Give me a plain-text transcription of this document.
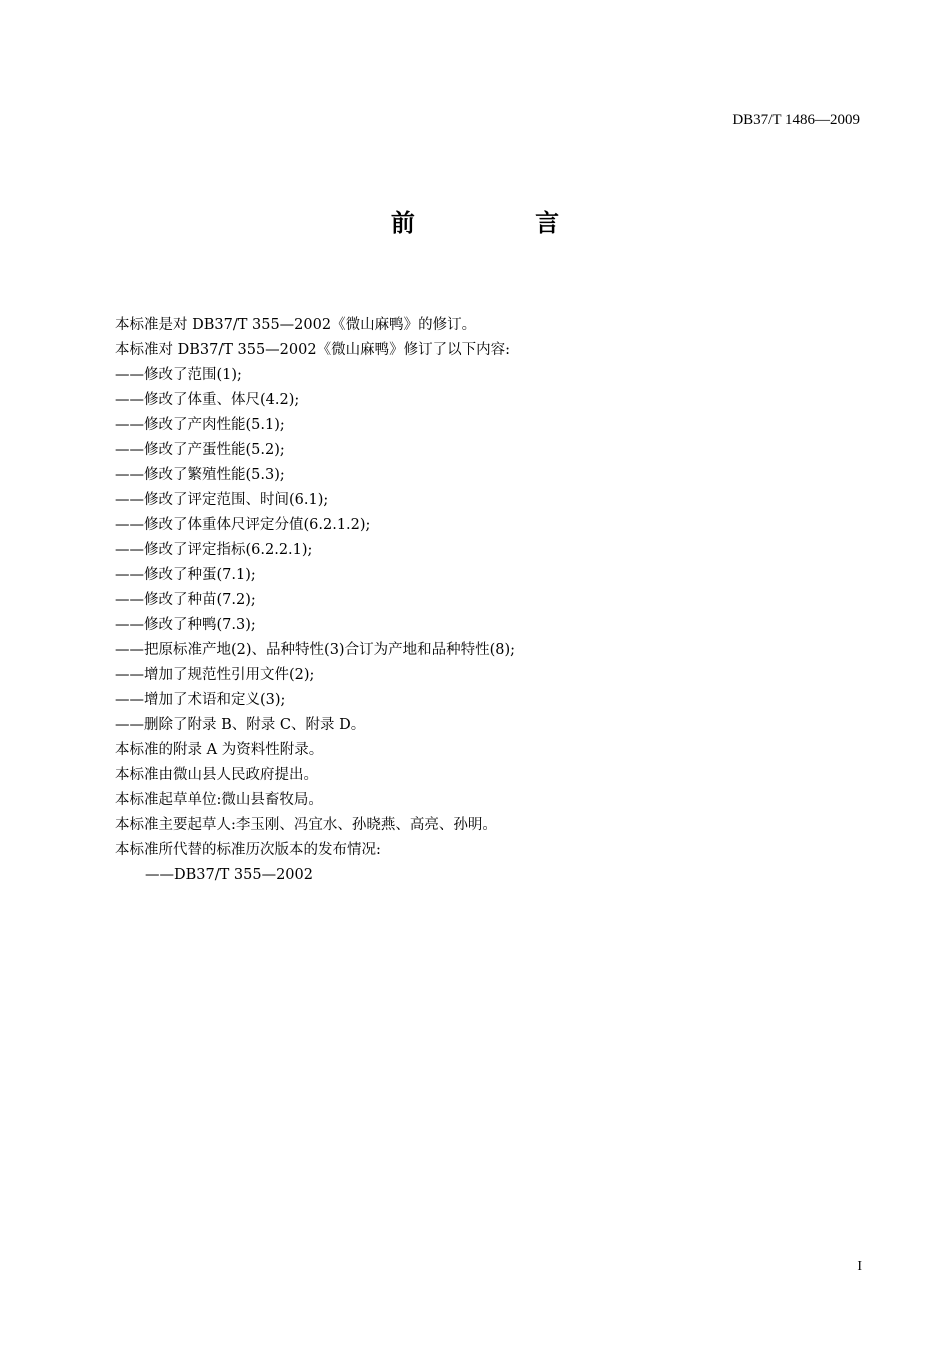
DB37/T 1486—2009
前 言
本标准是对 DB37/T 355—2002《微山麻鸭》的修订。
本标准对 DB37/T 355—2002《微山麻鸭》修订了以下内容:
——修改了范围(1);
——修改了体重、体尺(4.2);
——修改了产肉性能(5.1);
——修改了产蛋性能(5.2);
——修改了繁殖性能(5.3);
——修改了评定范围、时间(6.1);
——修改了体重体尺评定分值(6.2.1.2);
——修改了评定指标(6.2.2.1);
——修改了种蛋(7.1);
——修改了种苗(7.2);
——修改了种鸭(7.3);
——把原标准产地(2)、品种特性(3)合订为产地和品种特性(8);
——增加了规范性引用文件(2);
——增加了术语和定义(3);
——删除了附录 B、附录 C、附录 D。
本标准的附录 A 为资料性附录。
本标准由微山县人民政府提出。
本标准起草单位:微山县畜牧局。
本标准主要起草人:李玉刚、冯宜水、孙晓燕、高亮、孙明。
本标准所代替的标准历次版本的发布情况:
——DB37/T 355—2002
I
